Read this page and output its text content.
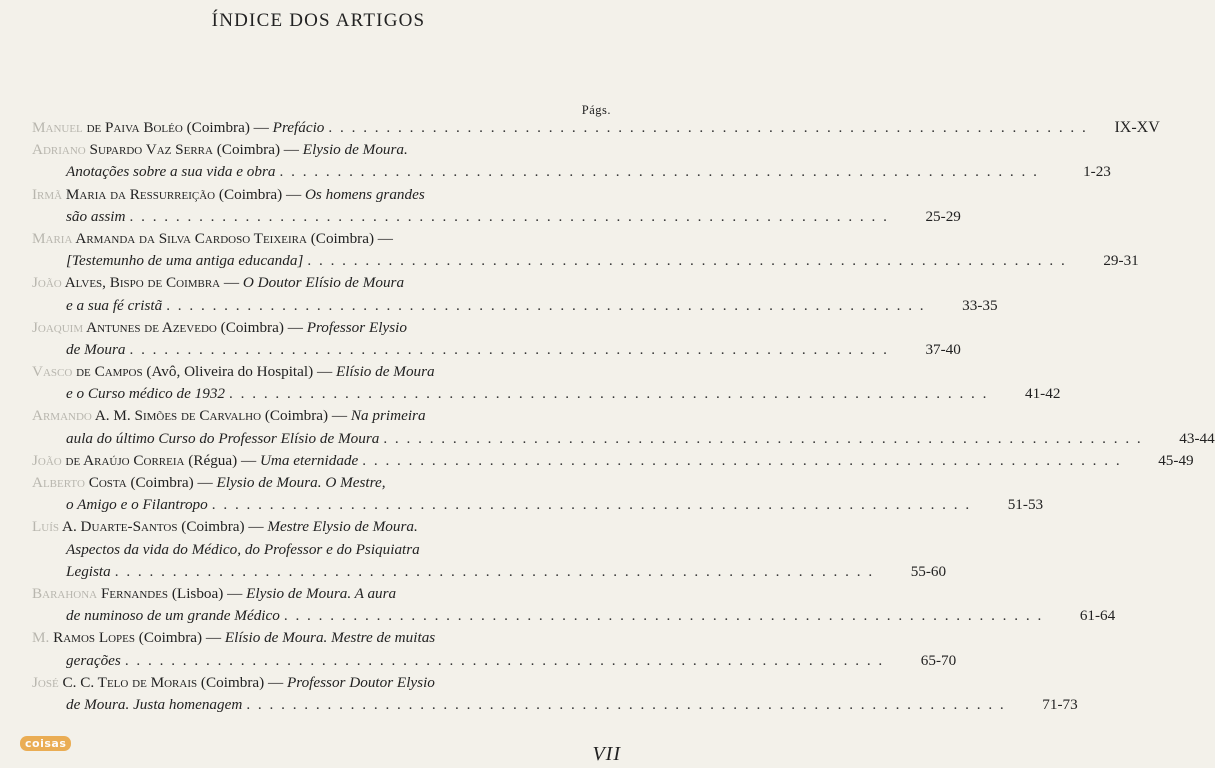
ÍNDICE DOS ARTIGOS
Págs.
Manuel de Paiva Boléo (Coimbra) — Prefácio . . .	IX-XV
Adriano Supardo Vaz Serra (Coimbra) — Elysio de Moura.
Anotações sobre a sua vida e obra . . .	1-23
Irmã Maria da Ressurreição (Coimbra) — Os homens grandes
são assim . . .	25-29
Maria Armanda da Silva Cardoso Teixeira (Coimbra) —
[Testemunho de uma antiga educanda] . . .	29-31
João Alves, Bispo de Coimbra — O Doutor Elísio de Moura
e a sua fé cristã . . .	33-35
Joaquim Antunes de Azevedo (Coimbra) — Professor Elysio
de Moura . . .	37-40
Vasco de Campos (Avô, Oliveira do Hospital) — Elísio de Moura
e o Curso médico de 1932 . . .	41-42
Armando A. M. Simões de Carvalho (Coimbra) — Na primeira
aula do último Curso do Professor Elísio de Moura . . .	43-44
João de Araújo Correia (Régua) — Uma eternidade . . .	45-49
Alberto Costa (Coimbra) — Elysio de Moura. O Mestre,
o Amigo e o Filantropo . . .	51-53
Luís A. Duarte-Santos (Coimbra) — Mestre Elysio de Moura.
Aspectos da vida do Médico, do Professor e do Psiquiatra
Legista . . .	55-60
Barahona Fernandes (Lisboa) — Elysio de Moura. A aura
de numinoso de um grande Médico . . .	61-64
M. Ramos Lopes (Coimbra) — Elísio de Moura. Mestre de muitas
gerações . . .	65-70
José C. C. Telo de Morais (Coimbra) — Professor Doutor Elysio
de Moura. Justa homenagem . . .	71-73
coisas	VII
